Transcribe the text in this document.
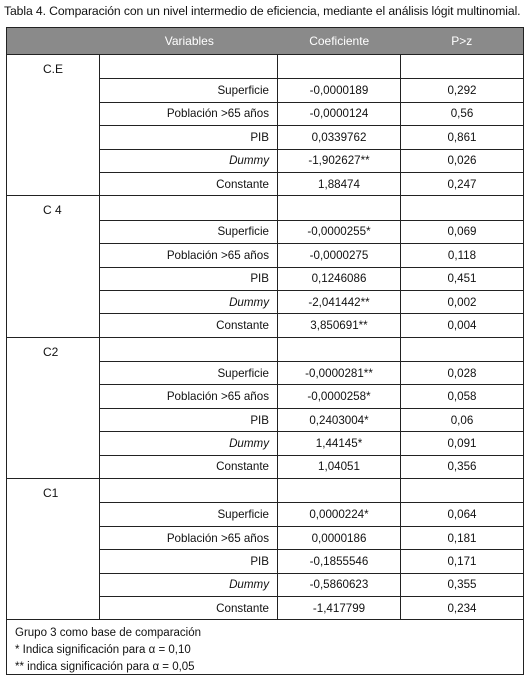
Tabla 4. Comparación con un nivel intermedio de eficiencia, mediante el análisis lógit multinomial.
Variables	Coeficiente	P>z
C.E
Superficie	-0,0000189	0,292
Población >65 años	-0,0000124	0,56
PIB	0,0339762	0,861
Dummy	-1,902627**	0,026
Constante	1,88474	0,247
C 4
Superficie	-0,0000255*	0,069
Población >65 años	-0,0000275	0,118
PIB	0,1246086	0,451
Dummy	-2,041442**	0,002
Constante	3,850691**	0,004
C2
Superficie	-0,0000281**	0,028
Población >65 años	-0,0000258*	0,058
PIB	0,2403004*	0,06
Dummy	1,44145*	0,091
Constante	1,04051	0,356
C1
Superficie	0,0000224*	0,064
Población >65 años	0,0000186	0,181
PIB	-0,1855546	0,171
Dummy	-0,5860623	0,355
Constante	-1,417799	0,234
Grupo 3 como base de comparación
* Indica significación para α = 0,10
** indica significación para α = 0,05
